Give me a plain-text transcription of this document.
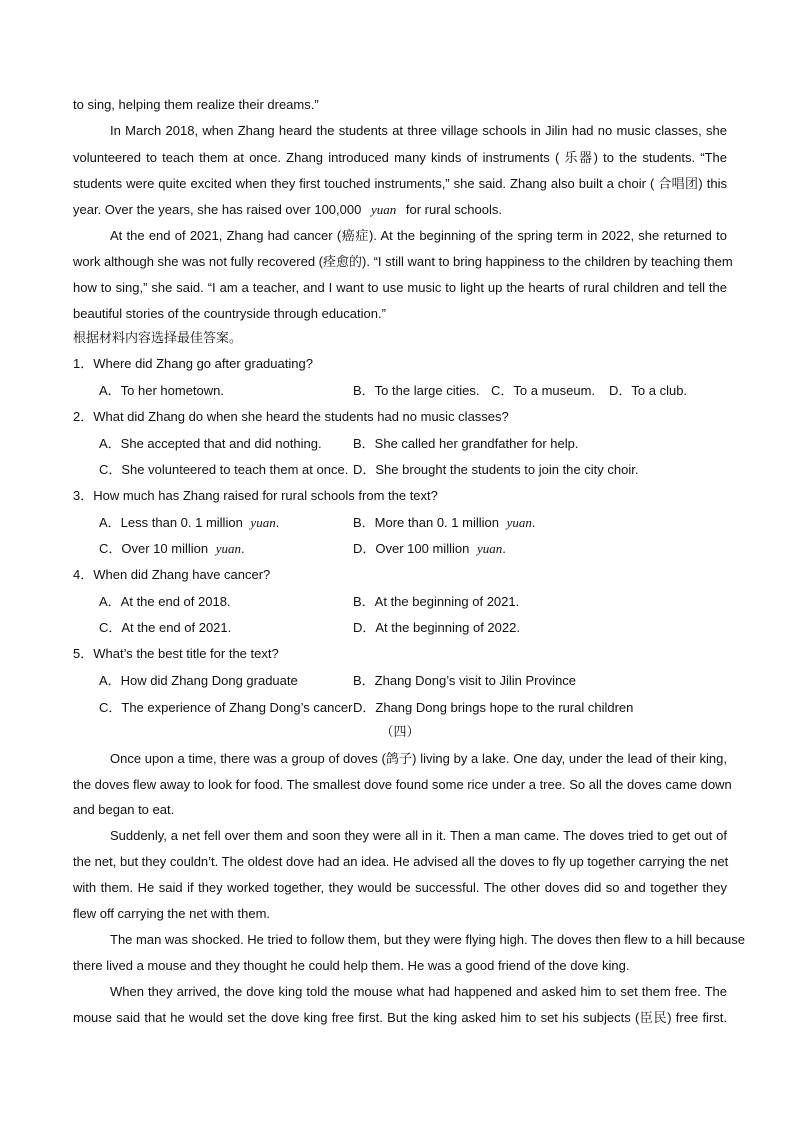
to sing, helping them realize their dreams.”
In March 2018, when Zhang heard the students at three village schools in Jilin had no music classes, she
volunteered to teach them at once. Zhang introduced many kinds of instruments ( 乐器) to the students. “The
students were quite excited when they first touched instruments,” she said. Zhang also built a choir ( 合唱团) this
year. Over the years, she has raised over 100,000 yuan for rural schools.
At the end of 2021, Zhang had cancer (癌症). At the beginning of the spring term in 2022, she returned to
work although she was not fully recovered (痊愈的). “I still want to bring happiness to the children by teaching them
how to sing,” she said. “I am a teacher, and I want to use music to light up the hearts of rural children and tell the
beautiful stories of the countryside through education.”
根据材料内容选择最佳答案。
1．Where did Zhang go after graduating?
A．To her hometown.	B．To the large cities. C．To a museum. D．To a club.
2．What did Zhang do when she heard the students had no music classes?
A．She accepted that and did nothing. B．She called her grandfather for help.
C．She volunteered to teach them at once. D．She brought the students to join the city choir.
3．How much has Zhang raised for rural schools from the text?
A．Less than 0. 1 million yuan.	B．More than 0. 1 million yuan.
C．Over 10 million yuan.	D．Over 100 million yuan.
4．When did Zhang have cancer?
A．At the end of 2018.	B．At the beginning of 2021.
C．At the end of 2021.	D．At the beginning of 2022.
5．What’s the best title for the text?
A．How did Zhang Dong graduate	B．Zhang Dong’s visit to Jilin Province
C．The experience of Zhang Dong’s cancer D．Zhang Dong brings hope to the rural children
（四）
Once upon a time, there was a group of doves (鸽子) living by a lake. One day, under the lead of their king,
the doves flew away to look for food. The smallest dove found some rice under a tree. So all the doves came down
and began to eat.
Suddenly, a net fell over them and soon they were all in it. Then a man came. The doves tried to get out of
the net, but they couldn’t. The oldest dove had an idea. He advised all the doves to fly up together carrying the net
with them. He said if they worked together, they would be successful. The other doves did so and together they
flew off carrying the net with them.
The man was shocked. He tried to follow them, but they were flying high. The doves then flew to a hill because
there lived a mouse and they thought he could help them. He was a good friend of the dove king.
When they arrived, the dove king told the mouse what had happened and asked him to set them free. The
mouse said that he would set the dove king free first. But the king asked him to set his subjects (臣民) free first.
